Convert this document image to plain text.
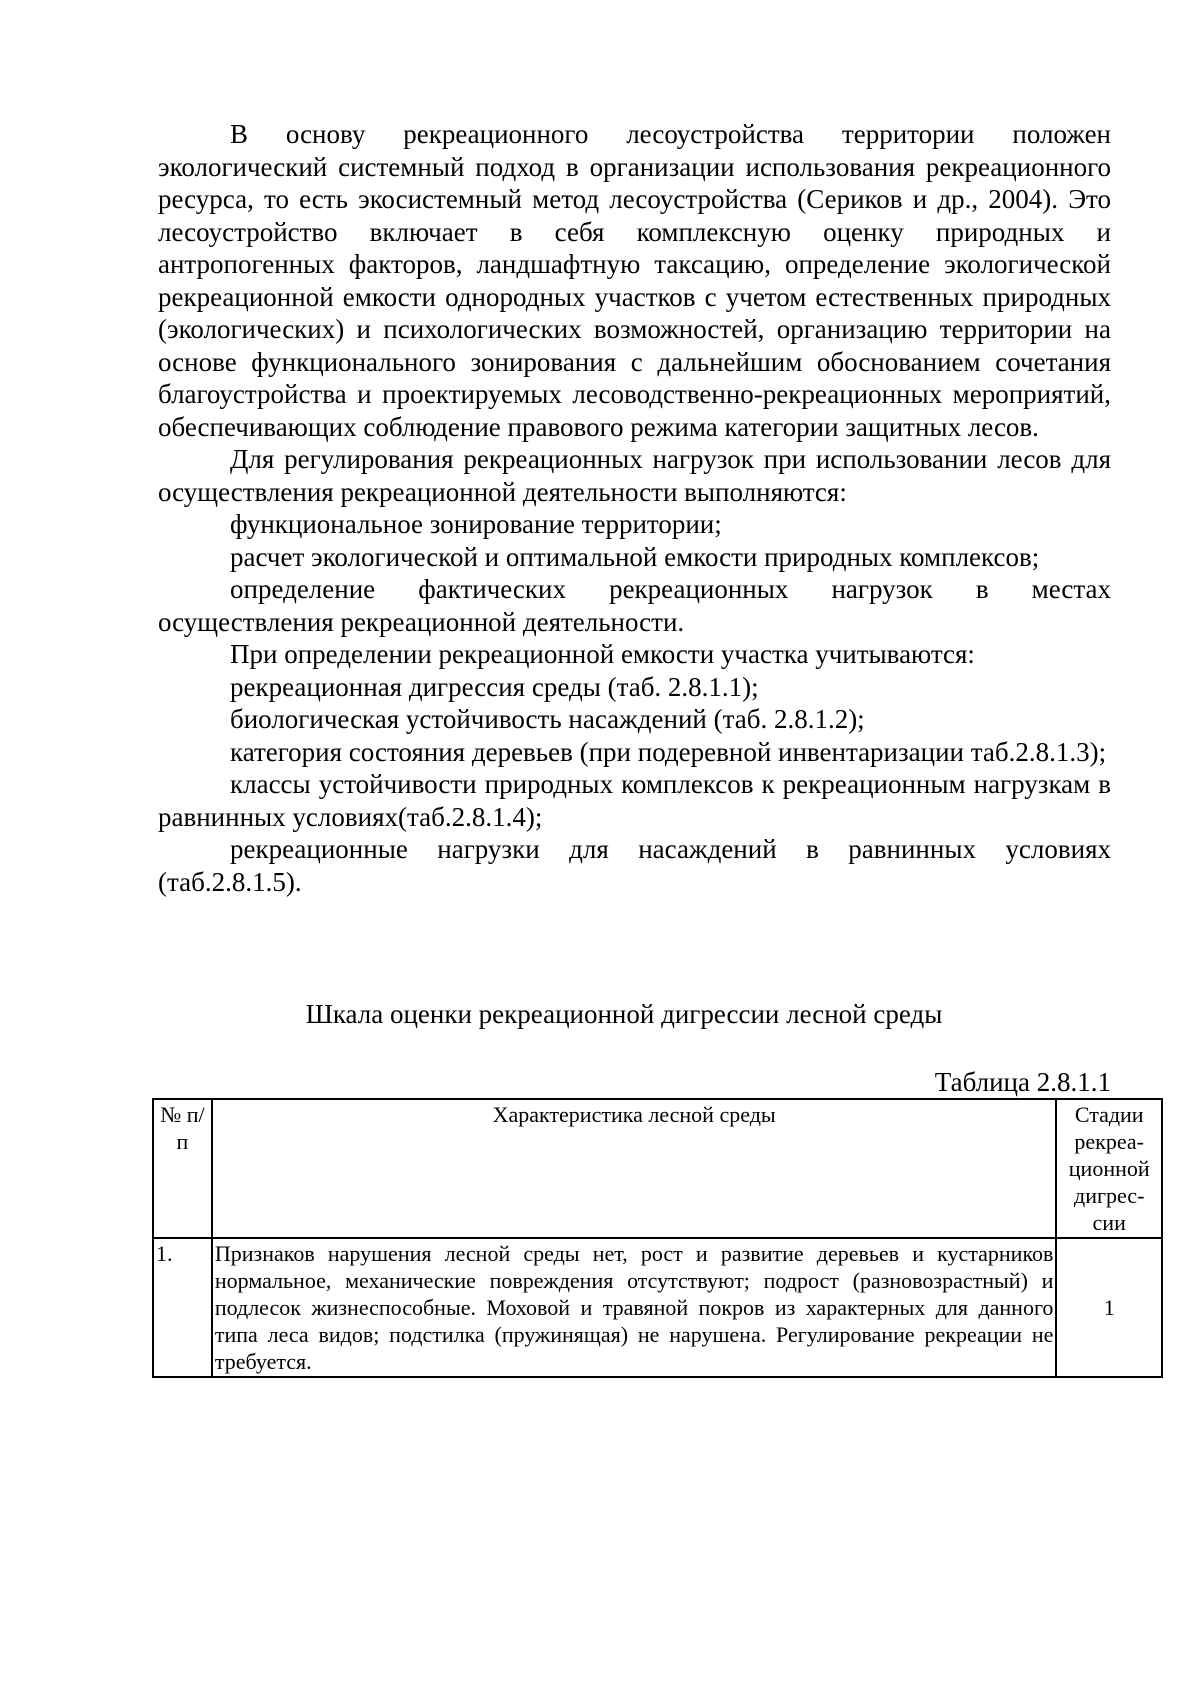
В основу рекреационного лесоустройства территории положен экологический системный подход в организации использования рекреационного ресурса, то есть экосистемный метод лесоустройства (Сериков и др., 2004). Это лесоустройство включает в себя комплексную оценку природных и антропогенных факторов, ландшафтную таксацию, определение экологической рекреационной емкости однородных участков с учетом естественных природных (экологических) и психологических возможностей, организацию территории на основе функционального зонирования с дальнейшим обоснованием сочетания благоустройства и проектируемых лесоводственно-рекреационных мероприятий, обеспечивающих соблюдение правового режима категории защитных лесов.

Для регулирования рекреационных нагрузок при использовании лесов для осуществления рекреационной деятельности выполняются:

функциональное зонирование территории;

расчет экологической и оптимальной емкости природных комплексов;

определение фактических рекреационных нагрузок в местах осуществления рекреационной деятельности.

При определении рекреационной емкости участка учитываются:

рекреационная дигрессия среды (таб. 2.8.1.1);

биологическая устойчивость насаждений (таб. 2.8.1.2);

категория состояния деревьев (при подеревной инвентаризации таб.2.8.1.3);

классы устойчивости природных комплексов к рекреационным нагрузкам в равнинных условиях(таб.2.8.1.4);

рекреационные нагрузки для насаждений в равнинных условиях (таб.2.8.1.5).

Шкала оценки рекреационной дигрессии лесной среды
Таблица 2.8.1.1
№ п/п	Характеристика лесной среды	Стадии рекреа-ционной дигрес-сии
1.	Признаков нарушения лесной среды нет, рост и развитие деревьев и кустарников нормальное, механические повреждения отсутствуют; подрост (разновозрастный) и подлесок жизнеспособные. Моховой и травяной покров из характерных для данного типа леса видов; подстилка (пружинящая) не нарушена. Регулирование рекреации не требуется.	1
